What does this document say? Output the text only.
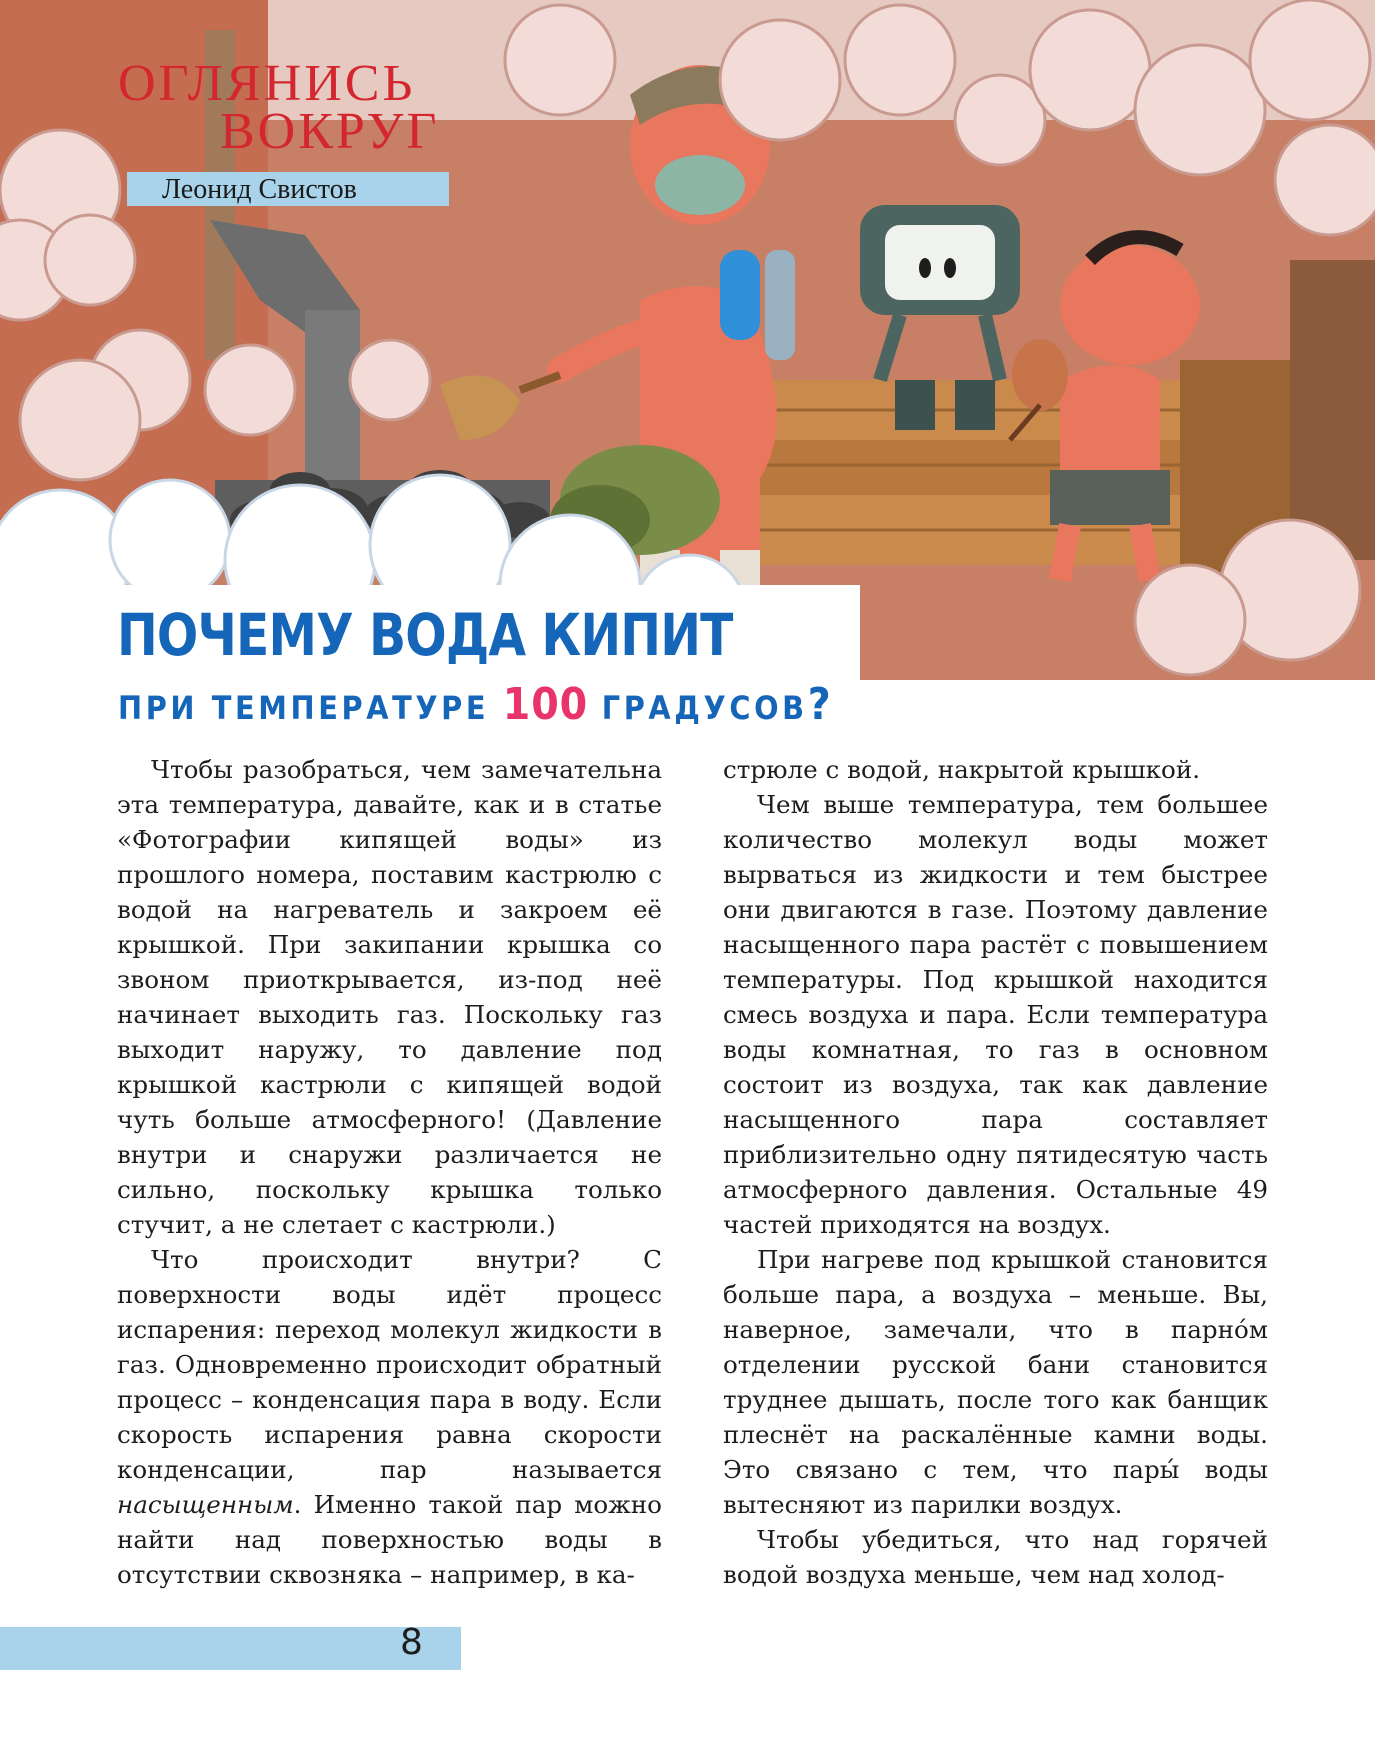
ОГЛЯНИСЬ
ВОКРУГ
Леонид Свистов
ПОЧЕМУ ВОДА КИПИТ
ПРИ ТЕМПЕРАТУРЕ 100 ГРАДУСОВ?

Чтобы разобраться, чем замечательна эта температура, давайте, как и в статье «Фотографии кипящей воды» из прошлого номера, поставим кастрюлю с водой на нагреватель и закроем её крышкой. При закипании крышка со звоном приоткрывается, из-под неё начинает выходить газ. Поскольку газ выходит наружу, то давление под крышкой кастрюли с кипящей водой чуть больше атмосферного! (Давление внутри и снаружи различается не сильно, поскольку крышка только стучит, а не слетает с кастрюли.)

Что происходит внутри? С поверхности воды идёт процесс испарения: переход молекул жидкости в газ. Одновременно происходит обратный процесс – конденсация пара в воду. Если скорость испарения равна скорости конденсации, пар называется насыщенным. Именно такой пар можно найти над поверхностью воды в отсутствии сквозняка – например, в ка-

стрюле с водой, накрытой крышкой.

Чем выше температура, тем большее количество молекул воды может вырваться из жидкости и тем быстрее они двигаются в газе. Поэтому давление насыщенного пара растёт с повышением температуры. Под крышкой находится смесь воздуха и пара. Если температура воды комнатная, то газ в основном состоит из воздуха, так как давление насыщенного пара составляет приблизительно одну пятидесятую часть атмосферного давления. Остальные 49 частей приходятся на воздух.

При нагреве под крышкой становится больше пара, а воздуха – меньше. Вы, наверное, замечали, что в парно́м отделении русской бани становится труднее дышать, после того как банщик плеснёт на раскалённые камни воды. Это связано с тем, что пары́ воды вытесняют из парилки воздух.

Чтобы убедиться, что над горячей водой воздуха меньше, чем над холод-

8
